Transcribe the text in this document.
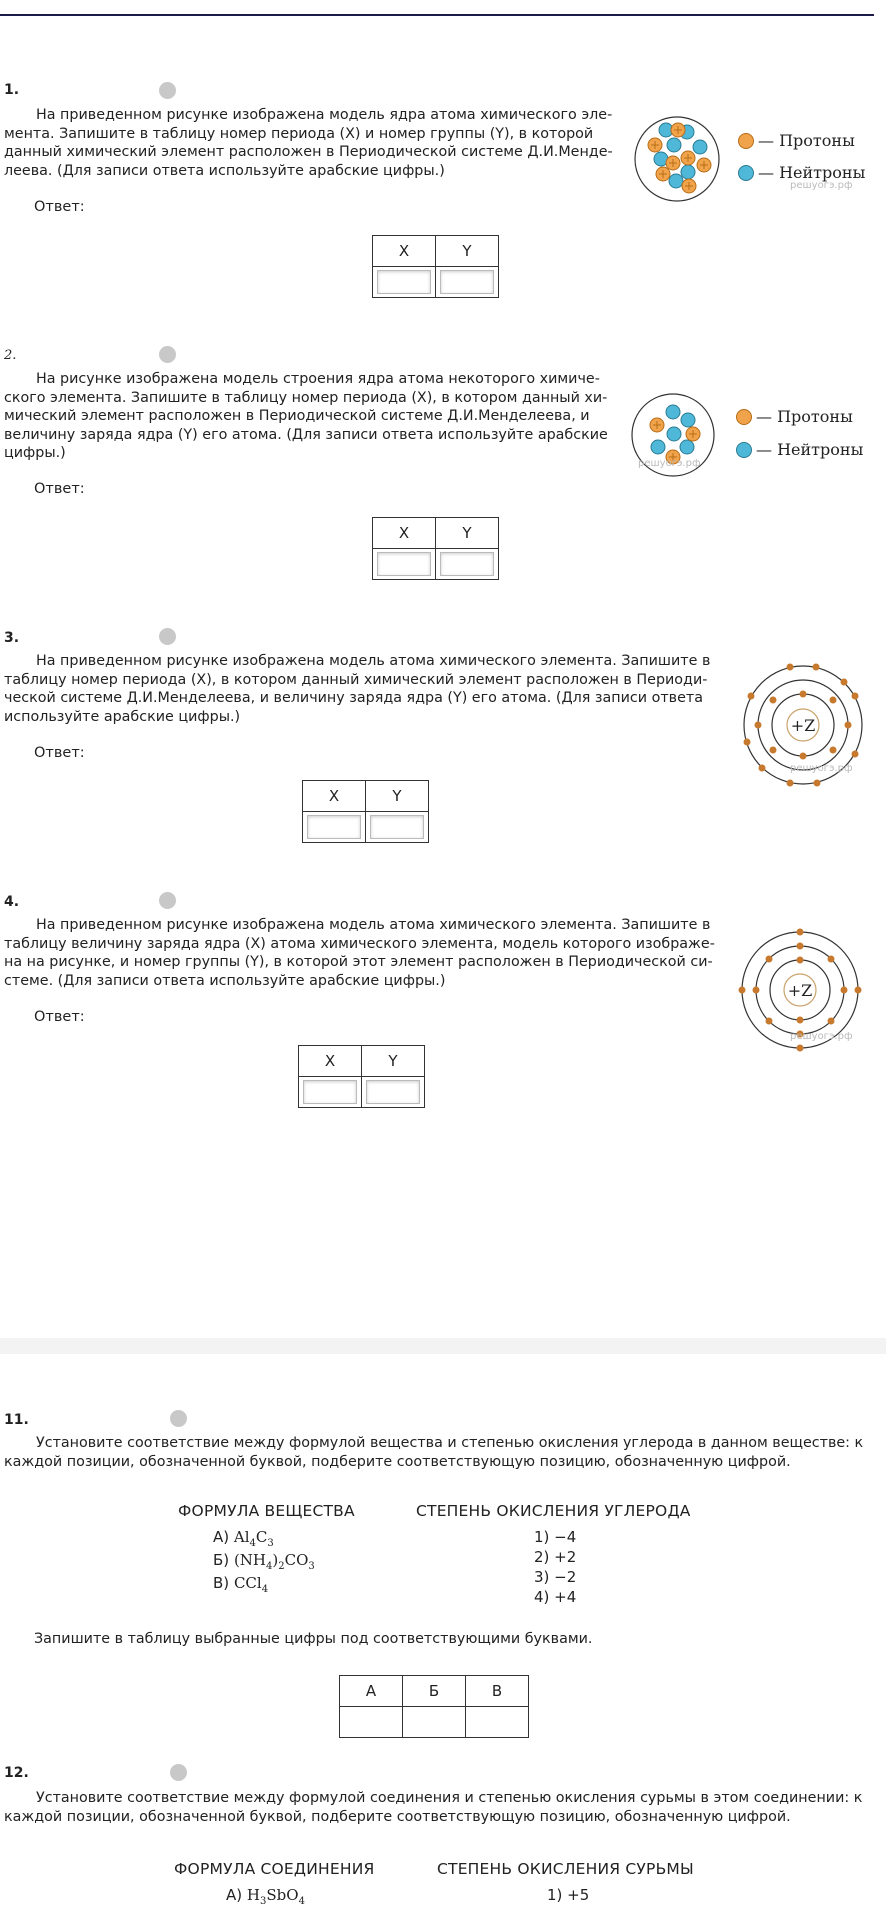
1.
На приведенном рисунке изображена модель ядра атома химического эле-
мента. Запишите в таблицу номер периода (X) и номер группы (Y), в которой
данный химический элемент расположен в Периодической системе Д.И.Менде-
леева. (Для записи ответа используйте арабские цифры.)
Ответ:
X	Y

— Протоны
— Нейтроны
решуогэ.рф
2.
На рисунке изображена модель строения ядра атома некоторого химиче-
ского элемента. Запишите в таблицу номер периода (X), в котором данный хи-
мический элемент расположен в Периодической системе Д.И.Менделеева, и
величину заряда ядра (Y) его атома. (Для записи ответа используйте арабские
цифры.)
Ответ:
X	Y

— Протоны
— Нейтроны
решуогэ.рф
3.
На приведенном рисунке изображена модель атома химического элемента. Запишите в
таблицу номер периода (X), в котором данный химический элемент расположен в Периоди-
ческой системе Д.И.Менделеева, и величину заряда ядра (Y) его атома. (Для записи ответа
используйте арабские цифры.)
Ответ:
X	Y

+Z
решуогэ.рф
4.
На приведенном рисунке изображена модель атома химического элемента. Запишите в
таблицу величину заряда ядра (X) атома химического элемента, модель которого изображе-
на на рисунке, и номер группы (Y), в которой этот элемент расположен в Периодической си-
стеме. (Для записи ответа используйте арабские цифры.)
Ответ:
X	Y

+Z
решуогэ.рф
11.
Установите соответствие между формулой вещества и степенью окисления углерода в данном веществе: к
каждой позиции, обозначенной буквой, подберите соответствующую позицию, обозначенную цифрой.
ФОРМУЛА ВЕЩЕСТВА	СТЕПЕНЬ ОКИСЛЕНИЯ УГЛЕРОДА
А) $Al_4C_3$
Б) $(NH_4)_2CO_3$
В) CCl$_4$
1) −4
2) +2
3) −2
4) +4
Запишите в таблицу выбранные цифры под соответствующими буквами.
А	Б	В

12.
Установите соответствие между формулой соединения и степенью окисления сурьмы в этом соединении: к
каждой позиции, обозначенной буквой, подберите соответствующую позицию, обозначенную цифрой.
ФОРМУЛА СОЕДИНЕНИЯ	СТЕПЕНЬ ОКИСЛЕНИЯ СУРЬМЫ
А) $H_3SbO_4$	1) +5
